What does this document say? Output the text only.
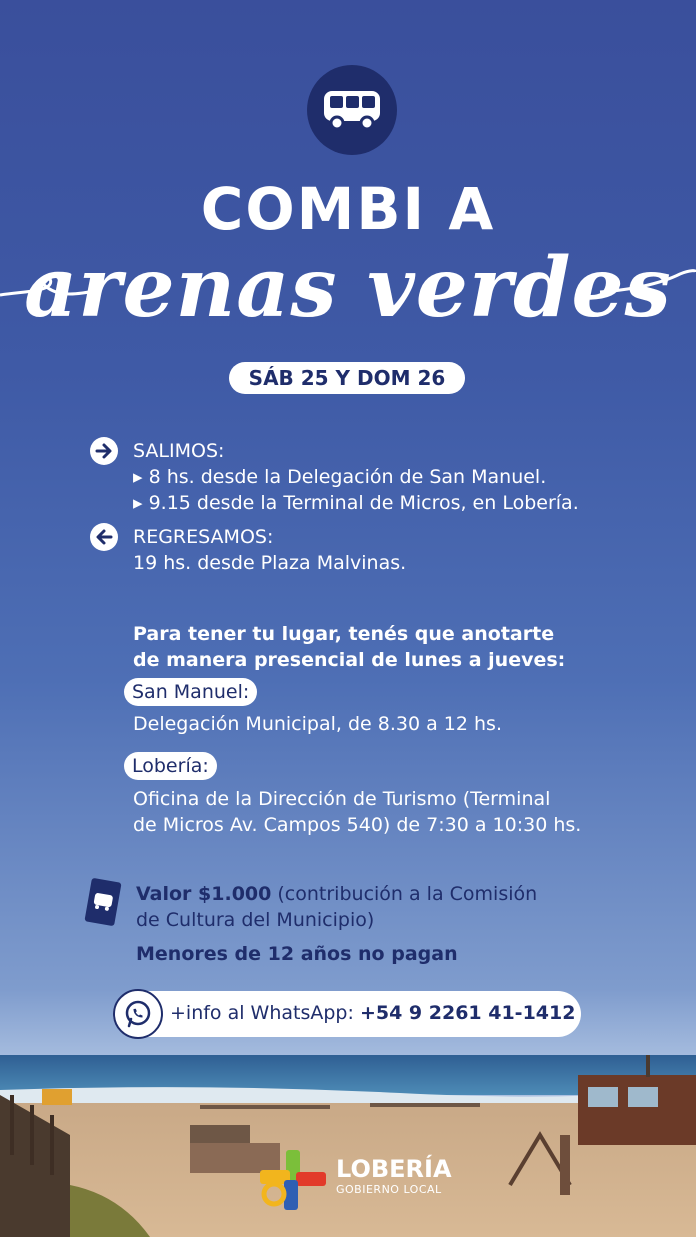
COMBI A
arenas verdes
SÁB 25 Y DOM 26
SALIMOS:
▸ 8 hs. desde la Delegación de San Manuel.
▸ 9.15 desde la Terminal de Micros, en Lobería.
REGRESAMOS:
19 hs. desde Plaza Malvinas.
Para tener tu lugar, tenés que anotarte
de manera presencial de lunes a jueves:
San Manuel:
Delegación Municipal, de 8.30 a 12 hs.
Lobería:
Oficina de la Dirección de Turismo (Terminal
de Micros Av. Campos 540) de 7:30 a 10:30 hs.
Valor $1.000 (contribución a la Comisión
de Cultura del Municipio)
Menores de 12 años no pagan
+info al WhatsApp: +54 9 2261 41-1412
LOBERÍA
GOBIERNO LOCAL
